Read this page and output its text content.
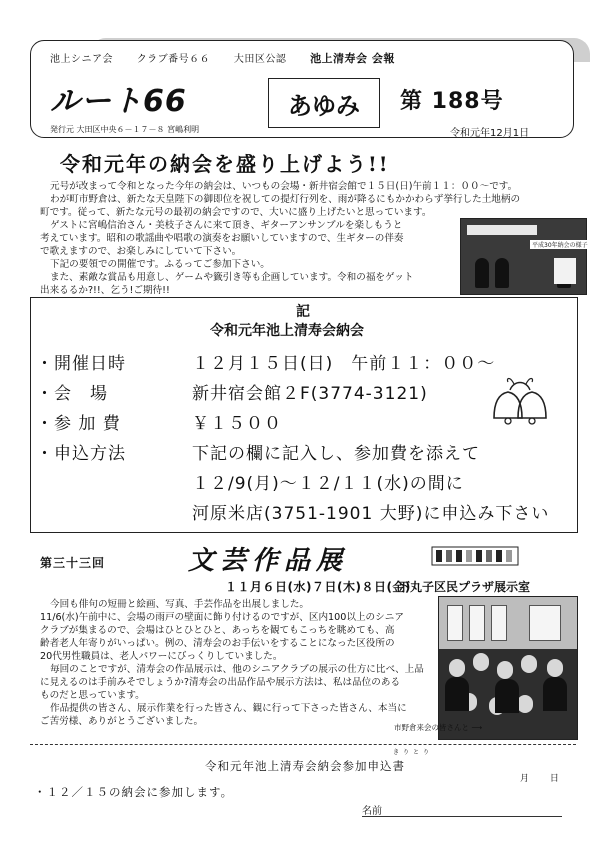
池上シニア会 クラブ番号６６ 大田区公認 池上清寿会 会報
ルート66	あゆみ	第 188号
発行元 大田区中央６－１７－８ 宮嶋利明	令和元年12月1日
令和元年の納会を盛り上げよう!!
元号が改まって令和となった今年の納会は、いつもの会場・新井宿会館で１５日(日)午前１１：００～です。
わが町市野倉は、新たな天皇陛下の御即位を祝しての提灯行列を、雨が降るにもかかわらず挙行した土地柄の
町です。従って、新たな元号の最初の納会ですので、大いに盛り上げたいと思っています。
ゲストに宮嶋信治さん・美枝子さんに来て頂き、ギターアンサンブルを楽しもうと
考えています。昭和の歌謡曲や唱歌の演奏をお願いしていますので、生ギターの伴奏
で歌えますので、お楽しみにしていて下さい。
下記の要領での開催です。ふるってご参加下さい。
また、素敵な賞品も用意し、ゲームや籤引き等も企画しています。令和の福をゲット
出来るるか?!!、乞う!ご期待!!
平成30年納会の様子
記
令和元年池上清寿会納会
・開催日時	１２月１５日(日)　午前１１：００～
・会　場	新井宿会館２F(3774-3121)
・参 加 費	￥１５００
・申込方法	下記の欄に記入し、参加費を添えて
１２/9(月)～１２/１１(水)の間に
河原米店(3751-1901 大野)に申込み下さい
第三十三回	文芸作品展
１１月６日(水)７日(木)８日(金)
下丸子区民プラザ展示室
今回も俳句の短冊と絵画、写真、手芸作品を出展しました。
11/6(水)午前中に、会場の雨戸の壁面に飾り付けるのですが、区内100以上のシニア
クラブが集まるので、会場はひとひとひと、あっちを観てもこっちを眺めても、高
齢者老人年寄りがいっぱい。例の、清寿会のお手伝いをすることになった区役所の
20代男性職員は、老人パワーにびっくりしていました。
毎回のことですが、清寿会の作品展示は、他のシニアクラブの展示の仕方に比べ、上品
に見えるのは手前みそでしょうか?清寿会の出品作品や展示方法は、私は品位のある
ものだと思っています。
作品提供の皆さん、展示作業を行った皆さん、観に行って下さった皆さん、本当に
ご苦労様、ありがとうございました。
市野倉来会の皆さんと ⟶
きりとり
令和元年池上清寿会納会参加申込書
月 日
・１２／１５の納会に参加します。
名前
